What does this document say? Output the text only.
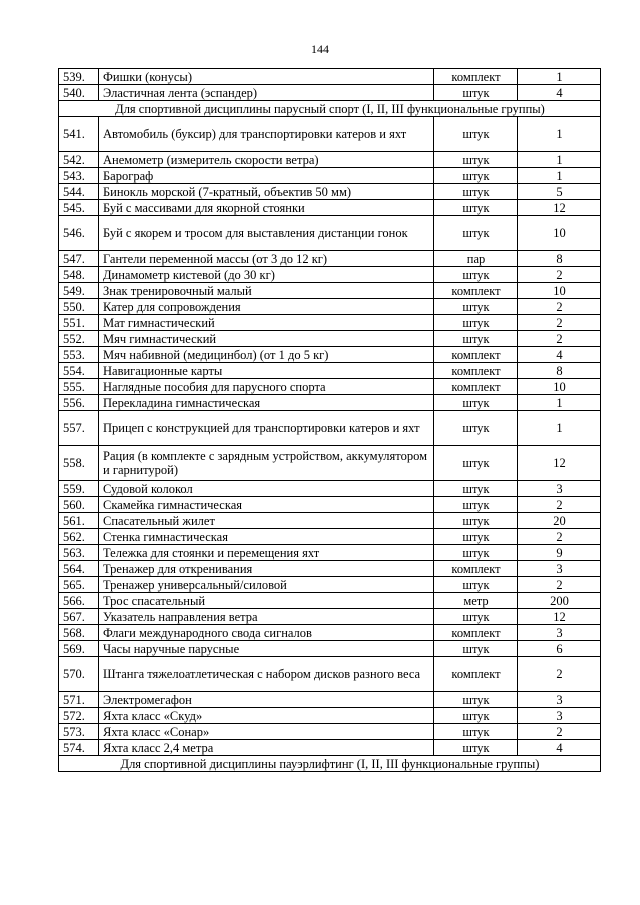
144
539.	Фишки (конусы)	комплект	1
540.	Эластичная лента (эспандер)	штук	4
Для спортивной дисциплины парусный спорт (I, II, III функциональные группы)			
541.	Автомобиль (буксир) для транспортировки катеров и яхт	штук	1
542.	Анемометр (измеритель скорости ветра)	штук	1
543.	Барограф	штук	1
544.	Бинокль морской (7-кратный, объектив 50 мм)	штук	5
545.	Буй с массивами для якорной стоянки	штук	12
546.	Буй с якорем и тросом для выставления дистанции гонок	штук	10
547.	Гантели переменной массы (от 3 до 12 кг)	пар	8
548.	Динамометр кистевой (до 30 кг)	штук	2
549.	Знак тренировочный малый	комплект	10
550.	Катер для сопровождения	штук	2
551.	Мат гимнастический	штук	2
552.	Мяч гимнастический	штук	2
553.	Мяч набивной (медицинбол) (от 1 до 5 кг)	комплект	4
554.	Навигационные карты	комплект	8
555.	Наглядные пособия для парусного спорта	комплект	10
556.	Перекладина гимнастическая	штук	1
557.	Прицеп с конструкцией для транспортировки катеров и яхт	штук	1
558.	Рация (в комплекте с зарядным устройством, аккумулятором и гарнитурой)	штук	12
559.	Судовой колокол	штук	3
560.	Скамейка гимнастическая	штук	2
561.	Спасательный жилет	штук	20
562.	Стенка гимнастическая	штук	2
563.	Тележка для стоянки и перемещения яхт	штук	9
564.	Тренажер для откренивания	комплект	3
565.	Тренажер универсальный/силовой	штук	2
566.	Трос спасательный	метр	200
567.	Указатель направления ветра	штук	12
568.	Флаги международного свода сигналов	комплект	3
569.	Часы наручные парусные	штук	6
570.	Штанга тяжелоатлетическая с набором дисков разного веса	комплект	2
571.	Электромегафон	штук	3
572.	Яхта класс «Скуд»	штук	3
573.	Яхта класс «Сонар»	штук	2
574.	Яхта класс 2,4 метра	штук	4
Для спортивной дисциплины пауэрлифтинг (I, II, III функциональные группы)			
